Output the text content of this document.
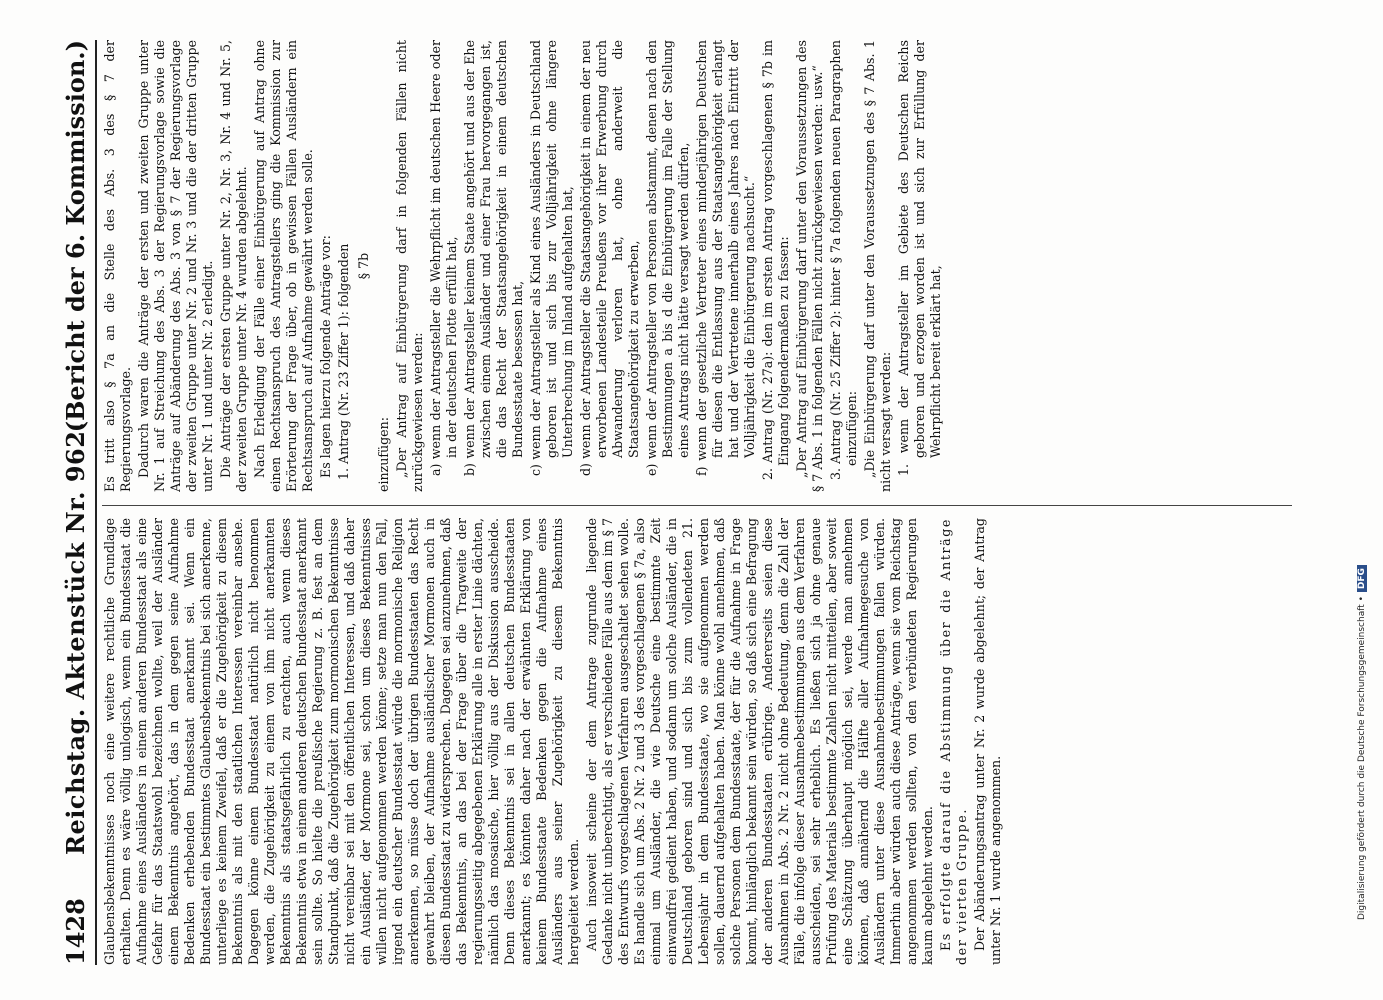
1428
Reichstag. Aktenstück Nr. 962.
(Bericht der 6. Kommission.)

Glaubensbekenntnisses noch eine weitere rechtliche Grundlage erhalten. Denn es wäre völlig unlogisch, wenn ein Bundesstaat die Aufnahme eines Ausländers in einem anderen Bundesstaat als eine Gefahr für das Staatswohl bezeichnen wollte, weil der Ausländer einem Bekenntnis angehört, das in dem gegen seine Aufnahme Bedenken erhebenden Bundesstaat anerkannt sei. Wenn ein Bundesstaat ein bestimmtes Glaubensbekenntnis bei sich anerkenne, unterliege es keinem Zweifel, daß er die Zugehörigkeit zu diesem Bekenntnis als mit den staatlichen Interessen vereinbar ansehe. Dagegen könne einem Bundesstaat natürlich nicht benommen werden, die Zugehörigkeit zu einem von ihm nicht anerkannten Bekenntnis als staatsgefährlich zu erachten, auch wenn dieses Bekenntnis etwa in einem anderen deutschen Bundesstaat anerkannt sein sollte. So hielte die preußische Regierung z. B. fest an dem Standpunkt, daß die Zugehörigkeit zum mormonischen Bekenntnisse nicht vereinbar sei mit den öffentlichen Interessen, und daß daher ein Ausländer, der Mormone sei, schon um dieses Bekenntnisses willen nicht aufgenommen werden könne; setze man nun den Fall, irgend ein deutscher Bundesstaat würde die mormonische Religion anerkennen, so müsse doch der übrigen Bundesstaaten das Recht gewahrt bleiben, der Aufnahme ausländischer Mormonen auch in diesen Bundesstaat zu widersprechen. Dagegen sei anzunehmen, daß das Bekenntnis, an das bei der Frage über die Tragweite der regierungsseitig abgegebenen Erklärung alle in erster Linie dächten, nämlich das mosaische, hier völlig aus der Diskussion ausscheide. Denn dieses Bekenntnis sei in allen deutschen Bundesstaaten anerkannt; es könnten daher nach der erwähnten Erklärung von keinem Bundesstaate Bedenken gegen die Aufnahme eines Ausländers aus seiner Zugehörigkeit zu diesem Bekenntnis hergeleitet werden. Auch insoweit scheine der dem Antrage zugrunde liegende Gedanke nicht unberechtigt, als er verschiedene Fälle aus dem im § 7 des Entwurfs vorgeschlagenen Verfahren ausgeschaltet sehen wolle. Es handle sich um Abs. 2 Nr. 2 und 3 des vorgeschlagenen § 7a, also einmal um Ausländer, die wie Deutsche eine bestimmte Zeit einwandfrei gedient haben, und sodann um solche Ausländer, die in Deutschland geboren sind und sich bis zum vollendeten 21. Lebensjahr in dem Bundesstaate, wo sie aufgenommen werden sollen, dauernd aufgehalten haben. Man könne wohl annehmen, daß solche Personen dem Bundesstaate, der für die Aufnahme in Frage kommt, hinlänglich bekannt sein würden, so daß sich eine Befragung der anderen Bundesstaaten erübrige. Andererseits seien diese Ausnahmen in Abs. 2 Nr. 2 nicht ohne Bedeutung, denn die Zahl der Fälle, die infolge dieser Ausnahmebestimmungen aus dem Verfahren ausscheiden, sei sehr erheblich. Es ließen sich ja ohne genaue Prüfung des Materials bestimmte Zahlen nicht mitteilen, aber soweit eine Schätzung überhaupt möglich sei, werde man annehmen können, daß annähernd die Hälfte aller Aufnahmegesuche von Ausländern unter diese Ausnahmebestimmungen fallen würden. Immerhin aber würden auch diese Anträge, wenn sie vom Reichstag angenommen werden sollten, von den verbündeten Regierungen kaum abgelehnt werden. Es erfolgte darauf die Abstimmung über die Anträge der vierten Gruppe. Der Abänderungsantrag unter Nr. 2 wurde abgelehnt; der Antrag unter Nr. 1 wurde angenommen.

Es tritt also § 7a an die Stelle des Abs. 3 des § 7 der Regierungsvorlage. Dadurch waren die Anträge der ersten und zweiten Gruppe unter Nr. 1 auf Streichung des Abs. 3 der Regierungsvorlage sowie die Anträge auf Abänderung des Abs. 3 von § 7 der Regierungsvorlage der zweiten Gruppe unter Nr. 2 und Nr. 3 und die der dritten Gruppe unter Nr. 1 und unter Nr. 2 erledigt. Die Anträge der ersten Gruppe unter Nr. 2, Nr. 3, Nr. 4 und Nr. 5, der zweiten Gruppe unter Nr. 4 wurden abgelehnt. Nach Erledigung der Fälle einer Einbürgerung auf Antrag ohne einen Rechtsanspruch des Antragstellers ging die Kommission zur Erörterung der Frage über, ob in gewissen Fällen Ausländern ein Rechtsanspruch auf Aufnahme gewährt werden solle. Es lagen hierzu folgende Anträge vor: 1. Antrag (Nr. 23 Ziffer 1): folgenden § 7b

einzufügen: „Der Antrag auf Einbürgerung darf in folgenden Fällen nicht zurückgewiesen werden: a) wenn der Antragsteller die Wehrpflicht im deutschen Heere oder in der deutschen Flotte erfüllt hat, b) wenn der Antragsteller keinem Staate angehört und aus der Ehe zwischen einem Ausländer und einer Frau hervorgegangen ist, die das Recht der Staatsangehörigkeit in einem deutschen Bundesstaate besessen hat, c) wenn der Antragsteller als Kind eines Ausländers in Deutschland geboren ist und sich bis zur Volljährigkeit ohne längere Unterbrechung im Inland aufgehalten hat, d) wenn der Antragsteller die Staatsangehörigkeit in einem der neu erworbenen Landesteile Preußens vor ihrer Erwerbung durch Abwanderung verloren hat, ohne anderweit die Staatsangehörigkeit zu erwerben, e) wenn der Antragsteller von Personen abstammt, denen nach den Bestimmungen a bis d die Einbürgerung im Falle der Stellung eines Antrags nicht hätte versagt werden dürfen, f) wenn der gesetzliche Vertreter eines minderjährigen Deutschen für diesen die Entlassung aus der Staatsangehörigkeit erlangt hat und der Vertretene innerhalb eines Jahres nach Eintritt der Volljährigkeit die Einbürgerung nachsucht.“ 2. Antrag (Nr. 27a): den im ersten Antrag vorgeschlagenen § 7b im Eingang folgendermaßen zu fassen: „Der Antrag auf Einbürgerung darf unter den Voraussetzungen des § 7 Abs. 1 in folgenden Fällen nicht zurückgewiesen werden: usw.“ 3. Antrag (Nr. 25 Ziffer 2): hinter § 7a folgenden neuen Paragraphen einzufügen: „Die Einbürgerung darf unter den Voraussetzungen des § 7 Abs. 1 nicht versagt werden: 1. wenn der Antragsteller im Gebiete des Deutschen Reichs geboren und erzogen worden ist und sich zur Erfüllung der Wehrpflicht bereit erklärt hat,

Digitalisierung gefördert durch die Deutsche Forschungsgemeinschaft •DFG
